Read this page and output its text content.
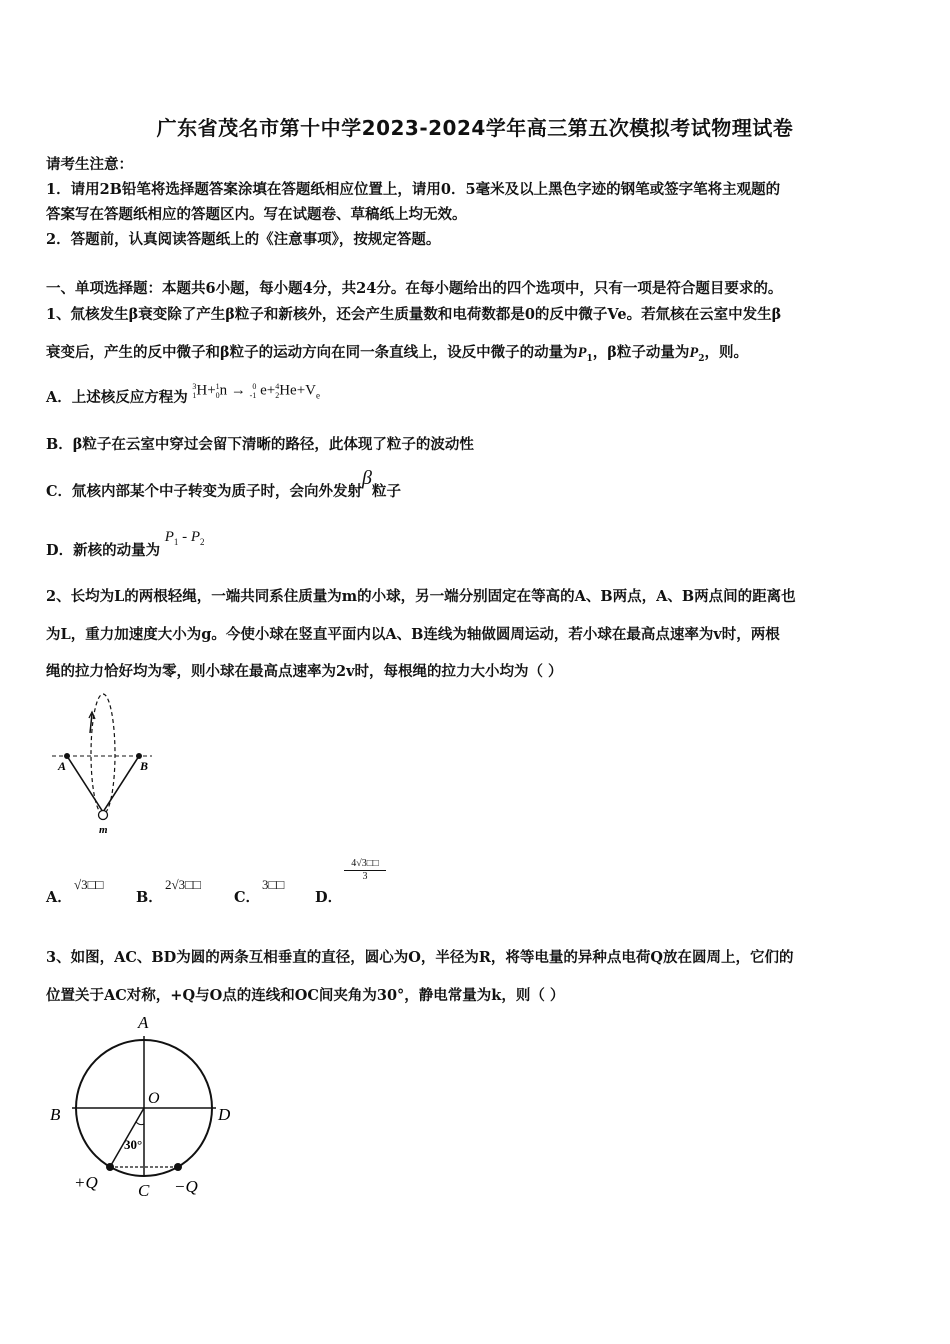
广东省茂名市第十中学2023-2024学年高三第五次模拟考试物理试卷
请考生注意：
1．请用2B铅笔将选择题答案涂填在答题纸相应位置上，请用0．5毫米及以上黑色字迹的钢笔或签字笔将主观题的
答案写在答题纸相应的答题区内。写在试题卷、草稿纸上均无效。
2．答题前，认真阅读答题纸上的《注意事项》，按规定答题。
一、单项选择题：本题共6小题，每小题4分，共24分。在每小题给出的四个选项中，只有一项是符合题目要求的。
1、氚核发生β衰变除了产生β粒子和新核外，还会产生质量数和电荷数都是0的反中微子Ve。若氚核在云室中发生β
衰变后，产生的反中微子和β粒子的运动方向在同一条直线上，设反中微子的动量为$P_1$，β粒子动量为$P_2$，则。
A．上述核反应方程为 3
1H+1
0n → 0
-1 e+4
$2He+V_e$
B．β粒子在云室中穿过会留下清晰的路径，此体现了粒子的波动性
C．氚核内部某个中子转变为质子时，会向外发射β粒子
D．新核的动量为 $P_1 - P_2$
2、长均为L的两根轻绳，一端共同系住质量为m的小球，另一端分别固定在等高的A、B两点，A、B两点间的距离也
为L，重力加速度大小为g。今使小球在竖直平面内以A、B连线为轴做圆周运动，若小球在最高点速率为v时，两根
绳的拉力恰好均为零，则小球在最高点速率为2v时，每根绳的拉力大小均为（ ）
A	B
m
A．
√3□□
B．
2√3□□
C．
3□□
D．
4√3□□
3
3、如图，AC、BD为圆的两条互相垂直的直径，圆心为O，半径为R，将等电量的异种点电荷Q放在圆周上，它们的
位置关于AC对称，+Q与O点的连线和OC间夹角为30°，静电常量为k，则（ ）
A
B
C
D
O
30°
+Q	−Q
